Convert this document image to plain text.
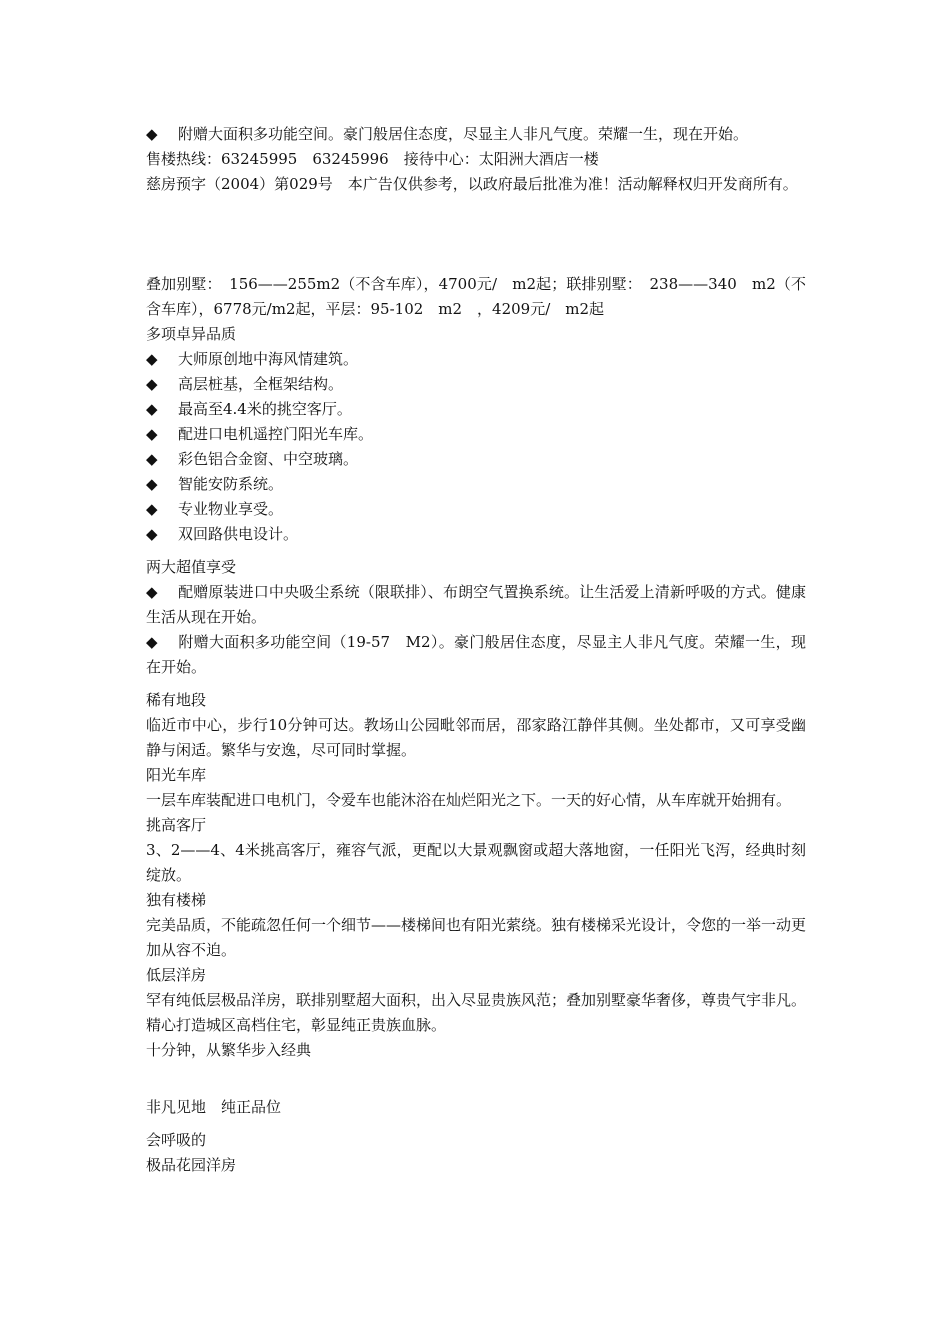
◆ 附赠大面积多功能空间。豪门般居住态度，尽显主人非凡气度。荣耀一生，现在开始。

售楼热线：63245995　63245996　接待中心：太阳洲大酒店一楼

慈房预字（2004）第029号　本广告仅供参考，以政府最后批准为准！活动解释权归开发商所有。

叠加别墅：　156——255m2（不含车库），4700元/　m2起；联排别墅：　238——340　m2（不含车库），6778元/m2起，平层：95-102　m2　，4209元/　m2起

多项卓异品质

◆ 大师原创地中海风情建筑。

◆ 高层桩基，全框架结构。

◆ 最高至4.4米的挑空客厅。

◆ 配进口电机遥控门阳光车库。

◆ 彩色铝合金窗、中空玻璃。

◆ 智能安防系统。

◆ 专业物业享受。

◆ 双回路供电设计。

两大超值享受

◆ 配赠原装进口中央吸尘系统（限联排）、布朗空气置换系统。让生活爱上清新呼吸的方式。健康生活从现在开始。

◆ 附赠大面积多功能空间（19-57　M2）。豪门般居住态度，尽显主人非凡气度。荣耀一生，现在开始。

稀有地段

临近市中心，步行10分钟可达。教场山公园毗邻而居，邵家路江静伴其侧。坐处都市，又可享受幽静与闲适。繁华与安逸，尽可同时掌握。

阳光车库

一层车库装配进口电机门，令爱车也能沐浴在灿烂阳光之下。一天的好心情，从车库就开始拥有。

挑高客厅

3、2——4、4米挑高客厅，雍容气派，更配以大景观飘窗或超大落地窗，一任阳光飞泻，经典时刻绽放。

独有楼梯

完美品质，不能疏忽任何一个细节——楼梯间也有阳光萦绕。独有楼梯采光设计，令您的一举一动更加从容不迫。

低层洋房

罕有纯低层极品洋房，联排别墅超大面积，出入尽显贵族风范；叠加别墅豪华奢侈，尊贵气宇非凡。精心打造城区高档住宅，彰显纯正贵族血脉。

十分钟，从繁华步入经典

非凡见地　纯正品位

会呼吸的

极品花园洋房
